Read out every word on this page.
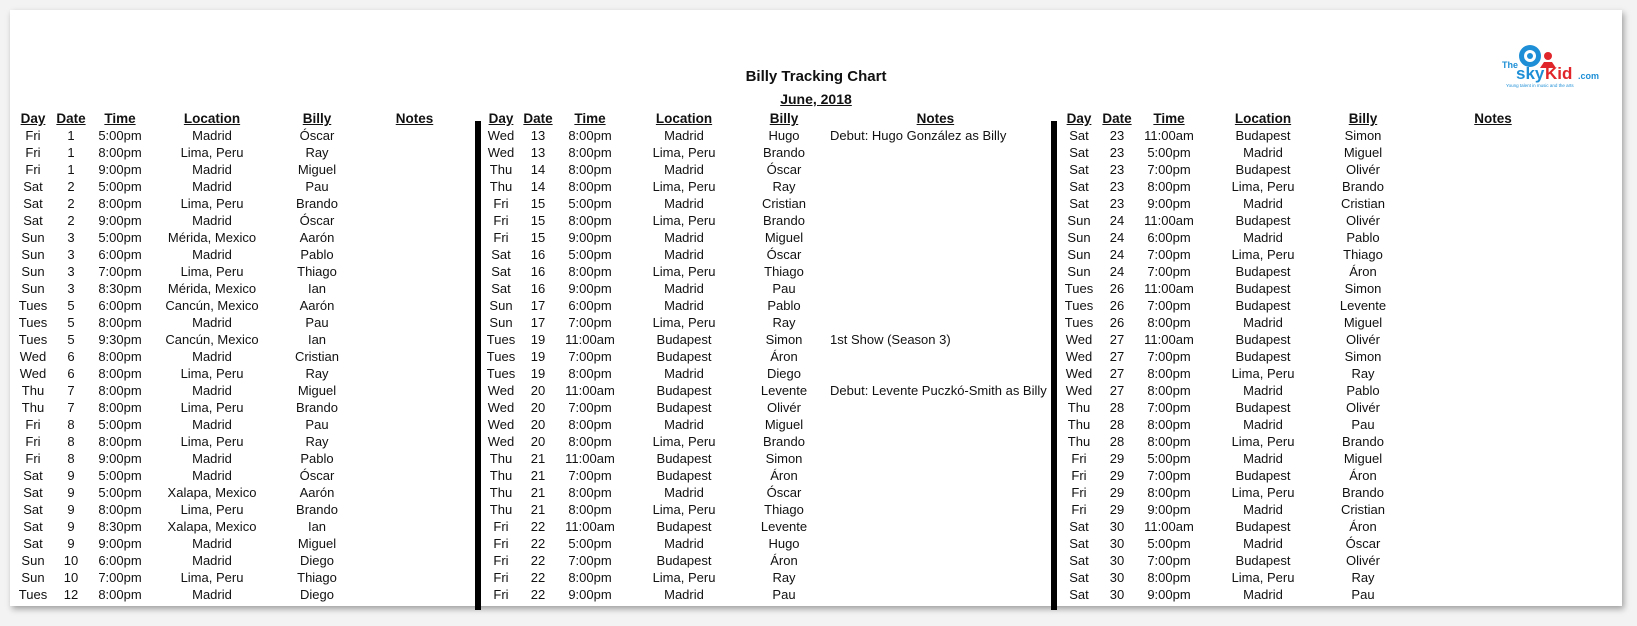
Billy Tracking Chart
June, 2018
The
sky Kid .com
Young talent in music and the arts
Day	Date	Time	Location	Billy	Notes
Fri	1	5:00pm	Madrid	Óscar	
Fri	1	8:00pm	Lima, Peru	Ray	
Fri	1	9:00pm	Madrid	Miguel	
Sat	2	5:00pm	Madrid	Pau	
Sat	2	8:00pm	Lima, Peru	Brando	
Sat	2	9:00pm	Madrid	Óscar	
Sun	3	5:00pm	Mérida, Mexico	Aarón	
Sun	3	6:00pm	Madrid	Pablo	
Sun	3	7:00pm	Lima, Peru	Thiago	
Sun	3	8:30pm	Mérida, Mexico	Ian	
Tues	5	6:00pm	Cancún, Mexico	Aarón	
Tues	5	8:00pm	Madrid	Pau	
Tues	5	9:30pm	Cancún, Mexico	Ian	
Wed	6	8:00pm	Madrid	Cristian	
Wed	6	8:00pm	Lima, Peru	Ray	
Thu	7	8:00pm	Madrid	Miguel	
Thu	7	8:00pm	Lima, Peru	Brando	
Fri	8	5:00pm	Madrid	Pau	
Fri	8	8:00pm	Lima, Peru	Ray	
Fri	8	9:00pm	Madrid	Pablo	
Sat	9	5:00pm	Madrid	Óscar	
Sat	9	5:00pm	Xalapa, Mexico	Aarón	
Sat	9	8:00pm	Lima, Peru	Brando	
Sat	9	8:30pm	Xalapa, Mexico	Ian	
Sat	9	9:00pm	Madrid	Miguel	
Sun	10	6:00pm	Madrid	Diego	
Sun	10	7:00pm	Lima, Peru	Thiago	
Tues	12	8:00pm	Madrid	Diego	
Day	Date	Time	Location	Billy	Notes
Wed	13	8:00pm	Madrid	Hugo	Debut: Hugo González as Billy
Wed	13	8:00pm	Lima, Peru	Brando	
Thu	14	8:00pm	Madrid	Óscar	
Thu	14	8:00pm	Lima, Peru	Ray	
Fri	15	5:00pm	Madrid	Cristian	
Fri	15	8:00pm	Lima, Peru	Brando	
Fri	15	9:00pm	Madrid	Miguel	
Sat	16	5:00pm	Madrid	Óscar	
Sat	16	8:00pm	Lima, Peru	Thiago	
Sat	16	9:00pm	Madrid	Pau	
Sun	17	6:00pm	Madrid	Pablo	
Sun	17	7:00pm	Lima, Peru	Ray	
Tues	19	11:00am	Budapest	Simon	1st Show (Season 3)
Tues	19	7:00pm	Budapest	Áron	
Tues	19	8:00pm	Madrid	Diego	
Wed	20	11:00am	Budapest	Levente	Debut: Levente Puczkó-Smith as Billy
Wed	20	7:00pm	Budapest	Olivér	
Wed	20	8:00pm	Madrid	Miguel	
Wed	20	8:00pm	Lima, Peru	Brando	
Thu	21	11:00am	Budapest	Simon	
Thu	21	7:00pm	Budapest	Áron	
Thu	21	8:00pm	Madrid	Óscar	
Thu	21	8:00pm	Lima, Peru	Thiago	
Fri	22	11:00am	Budapest	Levente	
Fri	22	5:00pm	Madrid	Hugo	
Fri	22	7:00pm	Budapest	Áron	
Fri	22	8:00pm	Lima, Peru	Ray	
Fri	22	9:00pm	Madrid	Pau	
Day	Date	Time	Location	Billy	Notes
Sat	23	11:00am	Budapest	Simon	
Sat	23	5:00pm	Madrid	Miguel	
Sat	23	7:00pm	Budapest	Olivér	
Sat	23	8:00pm	Lima, Peru	Brando	
Sat	23	9:00pm	Madrid	Cristian	
Sun	24	11:00am	Budapest	Olivér	
Sun	24	6:00pm	Madrid	Pablo	
Sun	24	7:00pm	Lima, Peru	Thiago	
Sun	24	7:00pm	Budapest	Áron	
Tues	26	11:00am	Budapest	Simon	
Tues	26	7:00pm	Budapest	Levente	
Tues	26	8:00pm	Madrid	Miguel	
Wed	27	11:00am	Budapest	Olivér	
Wed	27	7:00pm	Budapest	Simon	
Wed	27	8:00pm	Lima, Peru	Ray	
Wed	27	8:00pm	Madrid	Pablo	
Thu	28	7:00pm	Budapest	Olivér	
Thu	28	8:00pm	Madrid	Pau	
Thu	28	8:00pm	Lima, Peru	Brando	
Fri	29	5:00pm	Madrid	Miguel	
Fri	29	7:00pm	Budapest	Áron	
Fri	29	8:00pm	Lima, Peru	Brando	
Fri	29	9:00pm	Madrid	Cristian	
Sat	30	11:00am	Budapest	Áron	
Sat	30	5:00pm	Madrid	Óscar	
Sat	30	7:00pm	Budapest	Olivér	
Sat	30	8:00pm	Lima, Peru	Ray	
Sat	30	9:00pm	Madrid	Pau	
